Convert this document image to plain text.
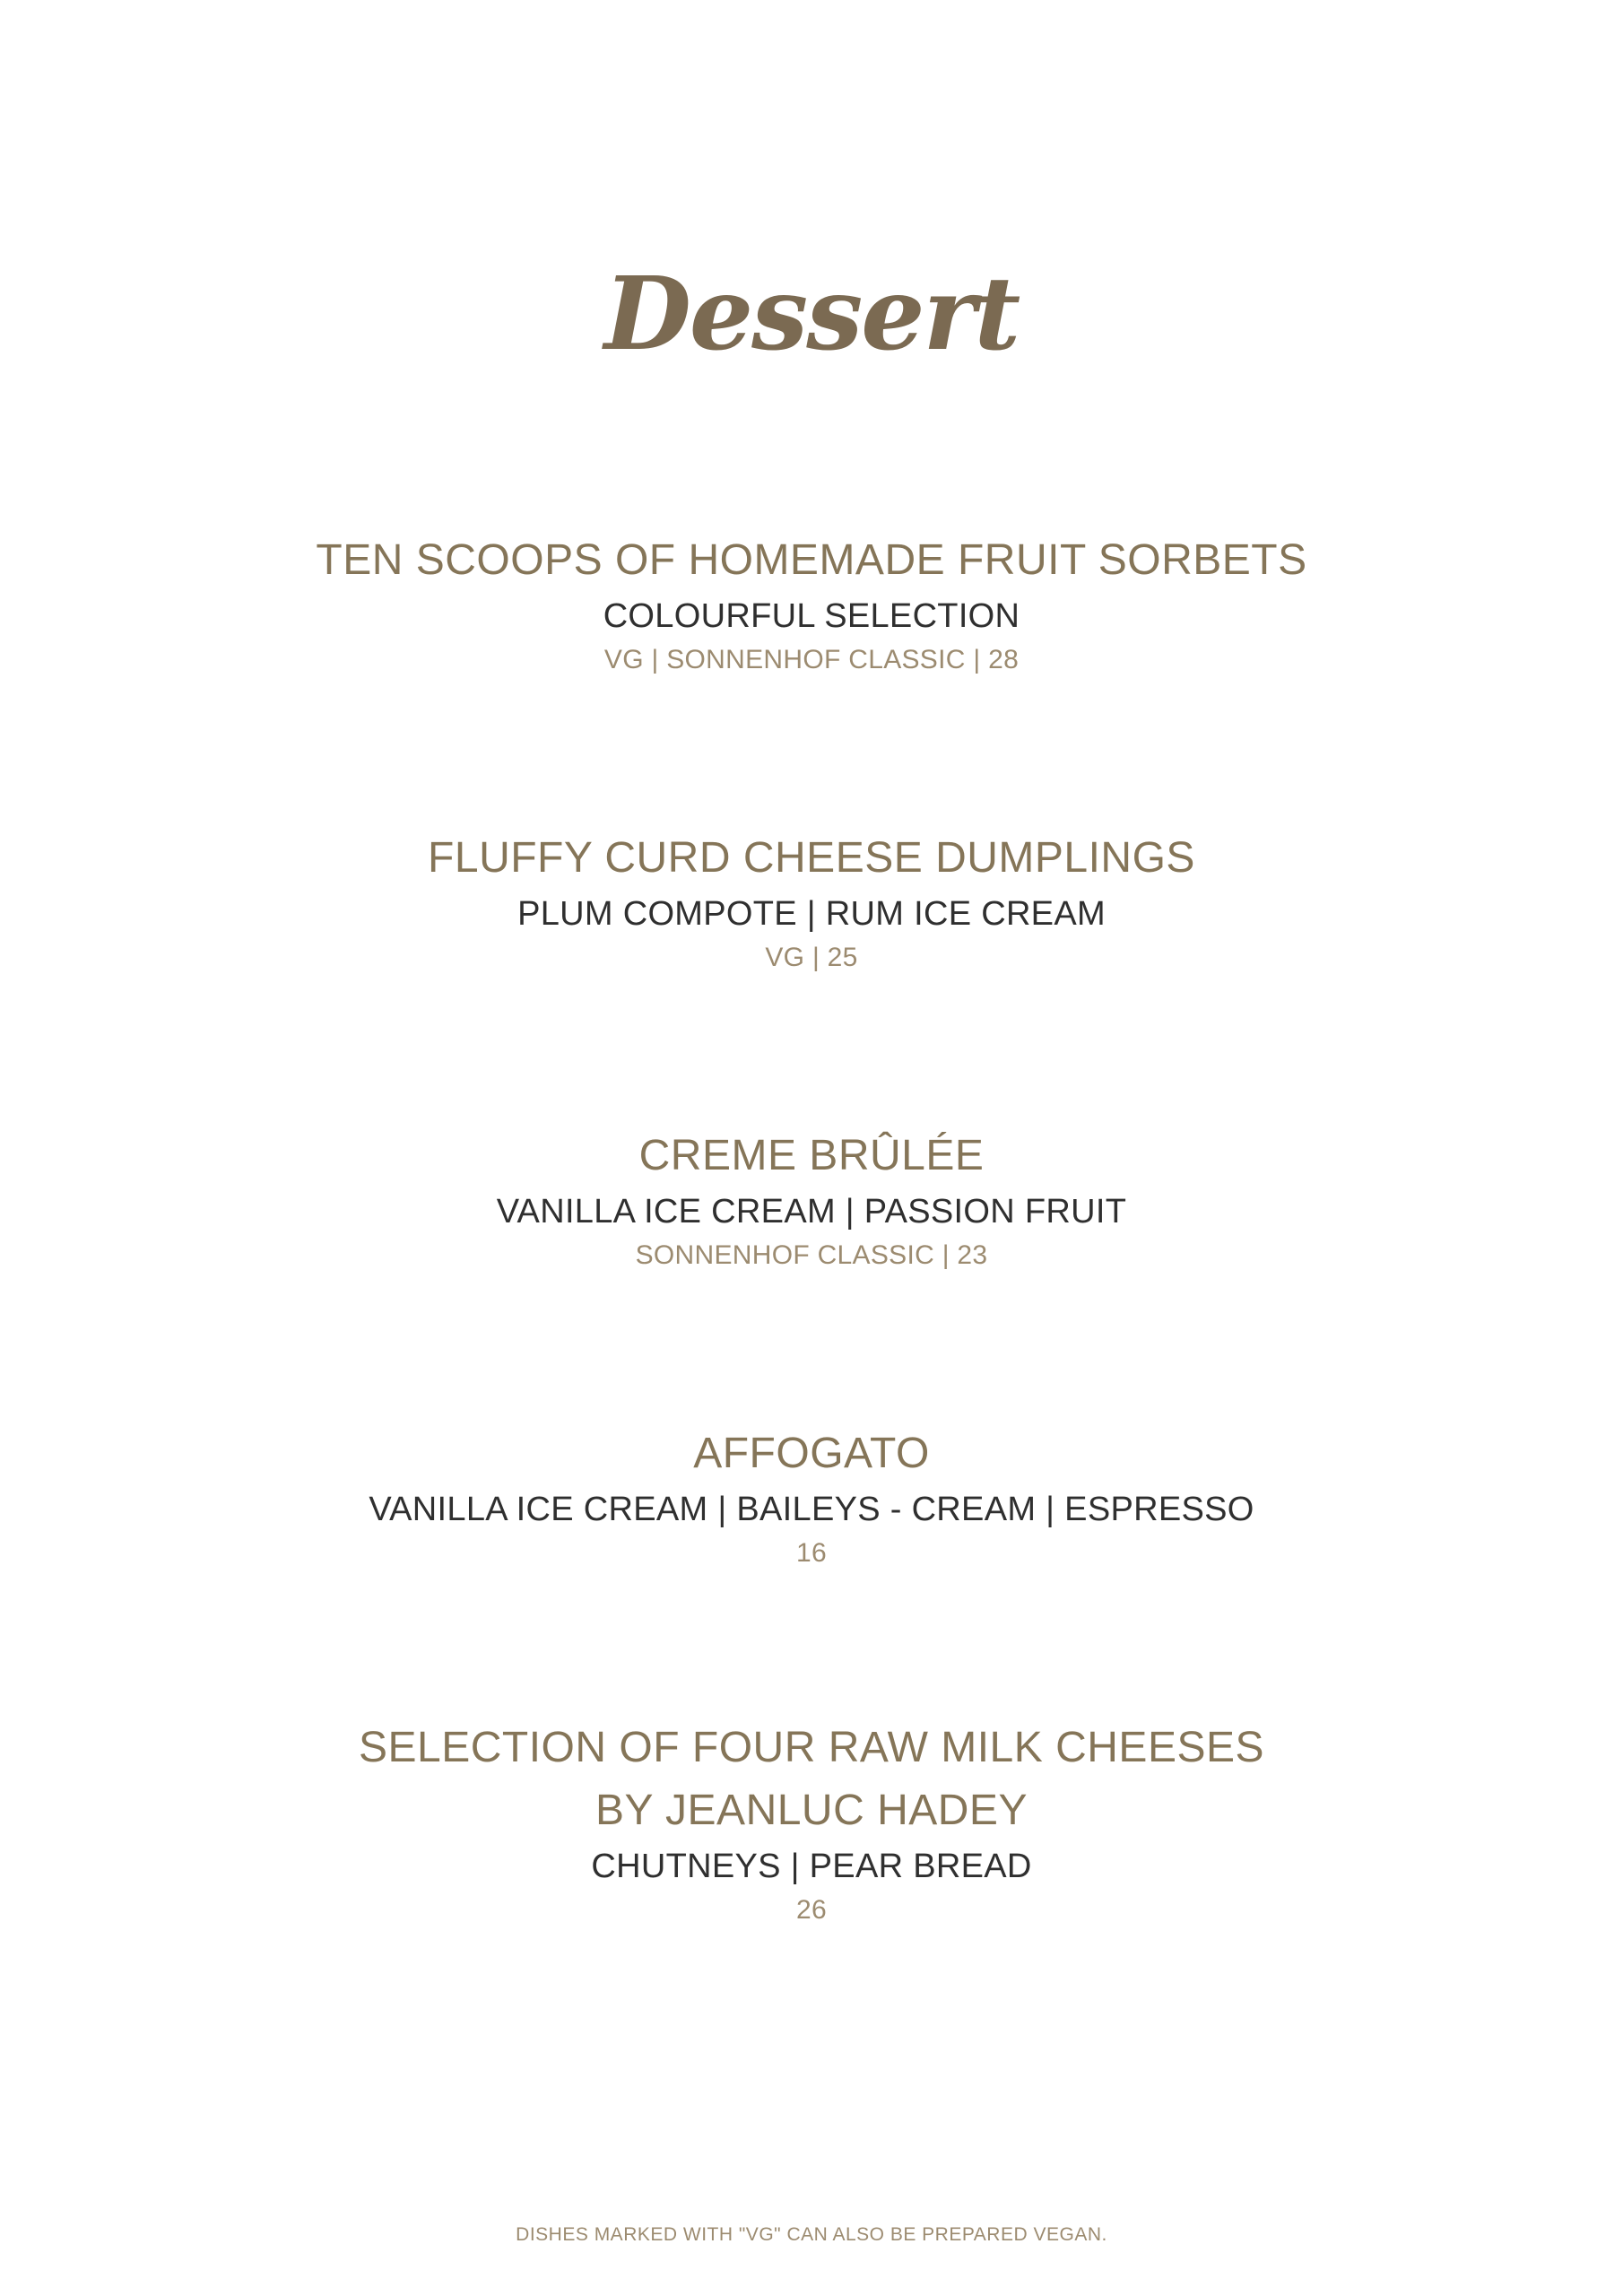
Dessert
TEN SCOOPS OF HOMEMADE FRUIT SORBETS
COLOURFUL SELECTION
VG | SONNENHOF CLASSIC | 28
FLUFFY CURD CHEESE DUMPLINGS
PLUM COMPOTE | RUM ICE CREAM
VG | 25
CREME BRÛLÉE
VANILLA ICE CREAM | PASSION FRUIT
SONNENHOF CLASSIC | 23
AFFOGATO
VANILLA ICE CREAM | BAILEYS - CREAM | ESPRESSO
16
SELECTION OF FOUR RAW MILK CHEESES
BY JEANLUC HADEY
CHUTNEYS | PEAR BREAD
26
DISHES MARKED WITH "VG" CAN ALSO BE PREPARED VEGAN.
